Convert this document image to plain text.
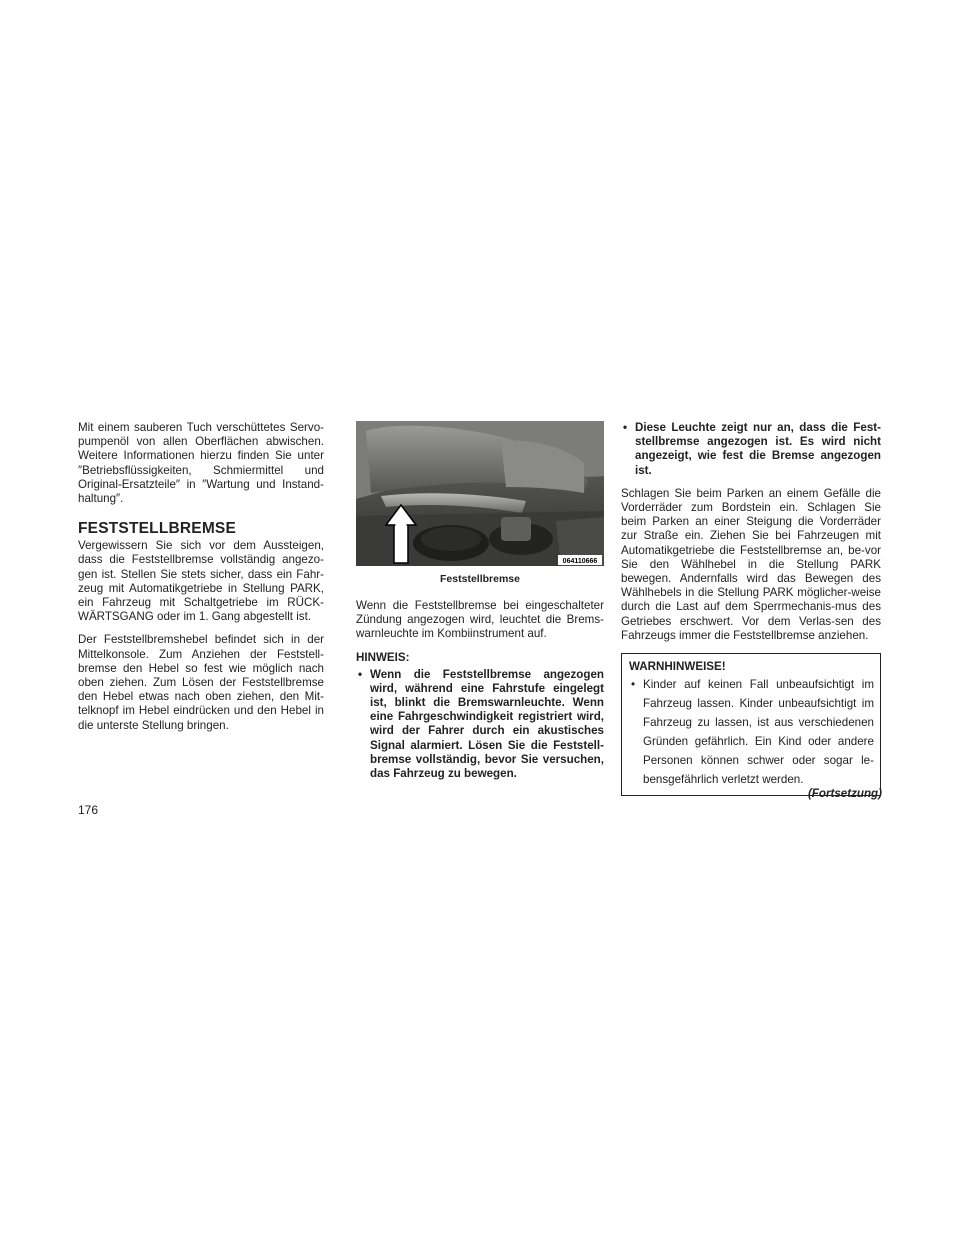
Mit einem sauberen Tuch verschüttetes Servo-pumpenöl von allen Oberflächen abwischen. Weitere Informationen hierzu finden Sie unter ″Betriebsflüssigkeiten, Schmiermittel und Original-Ersatzteile″ in ″Wartung und Instand-haltung″.

FESTSTELLBREMSE

Vergewissern Sie sich vor dem Aussteigen, dass die Feststellbremse vollständig angezo-gen ist. Stellen Sie stets sicher, dass ein Fahr-zeug mit Automatikgetriebe in Stellung PARK, ein Fahrzeug mit Schaltgetriebe im RÜCK-WÄRTSGANG oder im 1. Gang abgestellt ist.

Der Feststellbremshebel befindet sich in der Mittelkonsole. Zum Anziehen der Feststell-bremse den Hebel so fest wie möglich nach oben ziehen. Zum Lösen der Feststellbremse den Hebel etwas nach oben ziehen, den Mit-telknopf im Hebel eindrücken und den Hebel in die unterste Stellung bringen.

064110666
Feststellbremse

Wenn die Feststellbremse bei eingeschalteter Zündung angezogen wird, leuchtet die Brems-warnleuchte im Kombiinstrument auf.

HINWEIS:
• Wenn die Feststellbremse angezogen wird, während eine Fahrstufe eingelegt ist, blinkt die Bremswarnleuchte. Wenn eine Fahrgeschwindigkeit registriert wird, wird der Fahrer durch ein akustisches Signal alarmiert. Lösen Sie die Feststell-bremse vollständig, bevor Sie versuchen, das Fahrzeug zu bewegen.
• Diese Leuchte zeigt nur an, dass die Fest-stellbremse angezogen ist. Es wird nicht angezeigt, wie fest die Bremse angezogen ist.

Schlagen Sie beim Parken an einem Gefälle die Vorderräder zum Bordstein ein. Schlagen Sie beim Parken an einer Steigung die Vorderräder zur Straße ein. Ziehen Sie bei Fahrzeugen mit Automatikgetriebe die Feststellbremse an, be-vor Sie den Wählhebel in die Stellung PARK bewegen. Andernfalls wird das Bewegen des Wählhebels in die Stellung PARK möglicher-weise durch die Last auf dem Sperrmechanis-mus des Getriebes erschwert. Vor dem Verlas-sen des Fahrzeugs immer die Feststellbremse anziehen.

WARNHINWEISE!
• Kinder auf keinen Fall unbeaufsichtigt im Fahrzeug lassen. Kinder unbeaufsichtigt im Fahrzeug zu lassen, ist aus verschiedenen Gründen gefährlich. Ein Kind oder andere Personen können schwer oder sogar le-bensgefährlich verletzt werden.
(Fortsetzung)
176
